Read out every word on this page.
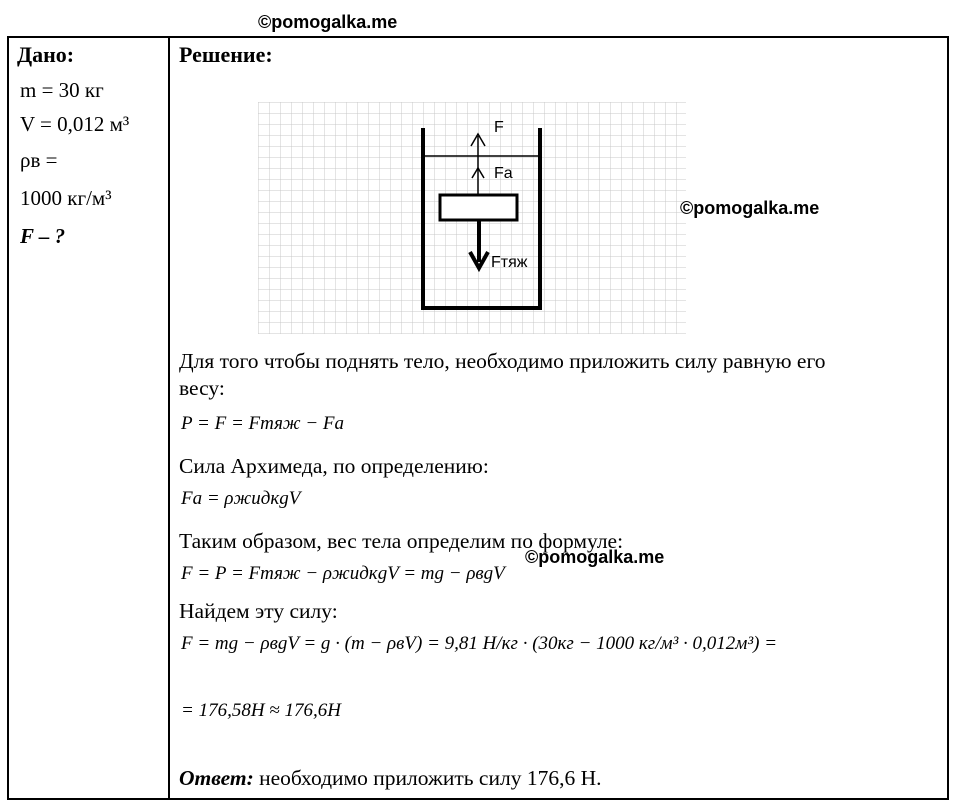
©pomogalka.me
Дано:
m = 30 кг
V = 0,012 м³
ρв =
1000 кг/м³
F – ?
Решение:
Для того чтобы поднять тело, необходимо приложить силу равную его
весу:
P = F = Fтяж − Fа
Сила Архимеда, по определению:
Fа = ρжидкgV
Таким образом, вес тела определим по формуле:
F = P = Fтяж − ρжидкgV = mg − ρвgV
Найдем эту силу:
F = mg − ρвgV = g · (m − ρвV) = 9,81 Н/кг · (30кг − 1000 кг/м³ · 0,012м³) =
= 176,58Н ≈ 176,6Н
Ответ: необходимо приложить силу 176,6 Н.
F
Fa
Fтяж
©pomogalka.me
©pomogalka.me
